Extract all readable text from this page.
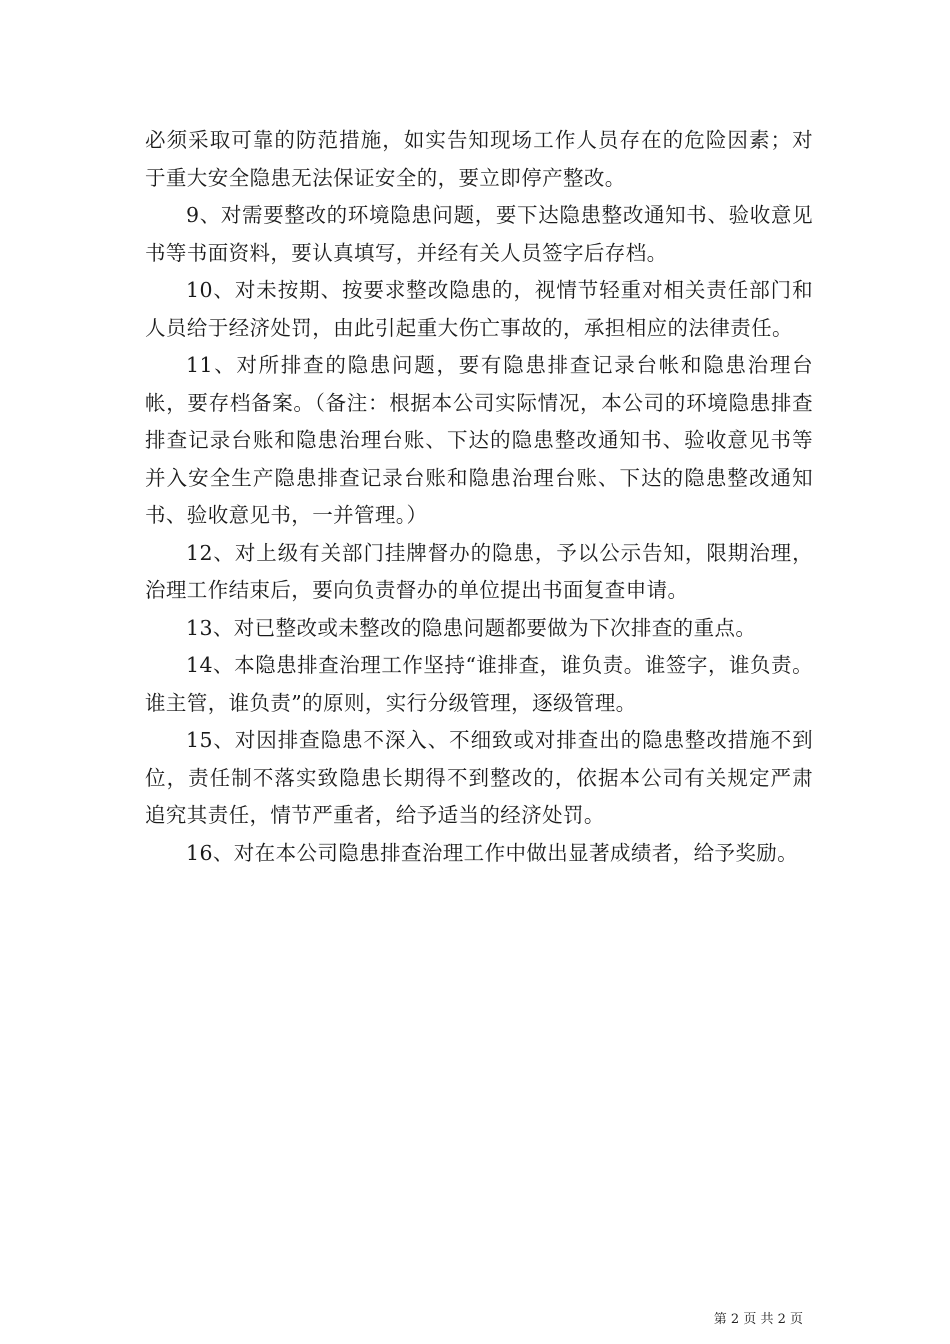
必须采取可靠的防范措施，如实告知现场工作人员存在的危险因素；对于重大安全隐患无法保证安全的，要立即停产整改。

9、对需要整改的环境隐患问题，要下达隐患整改通知书、验收意见书等书面资料，要认真填写，并经有关人员签字后存档。

10、对未按期、按要求整改隐患的，视情节轻重对相关责任部门和人员给于经济处罚，由此引起重大伤亡事故的，承担相应的法律责任。

11、对所排查的隐患问题，要有隐患排查记录台帐和隐患治理台帐，要存档备案。（备注：根据本公司实际情况，本公司的环境隐患排查排查记录台账和隐患治理台账、下达的隐患整改通知书、验收意见书等并入安全生产隐患排查记录台账和隐患治理台账、下达的隐患整改通知书、验收意见书，一并管理。）

12、对上级有关部门挂牌督办的隐患，予以公示告知，限期治理，治理工作结束后，要向负责督办的单位提出书面复查申请。

13、对已整改或未整改的隐患问题都要做为下次排查的重点。

14、本隐患排查治理工作坚持“谁排查，谁负责。谁签字，谁负责。谁主管，谁负责”的原则，实行分级管理，逐级管理。

15、对因排查隐患不深入、不细致或对排查出的隐患整改措施不到位，责任制不落实致隐患长期得不到整改的，依据本公司有关规定严肃追究其责任，情节严重者，给予适当的经济处罚。

16、对在本公司隐患排查治理工作中做出显著成绩者，给予奖励。

第 2 页 共 2 页
